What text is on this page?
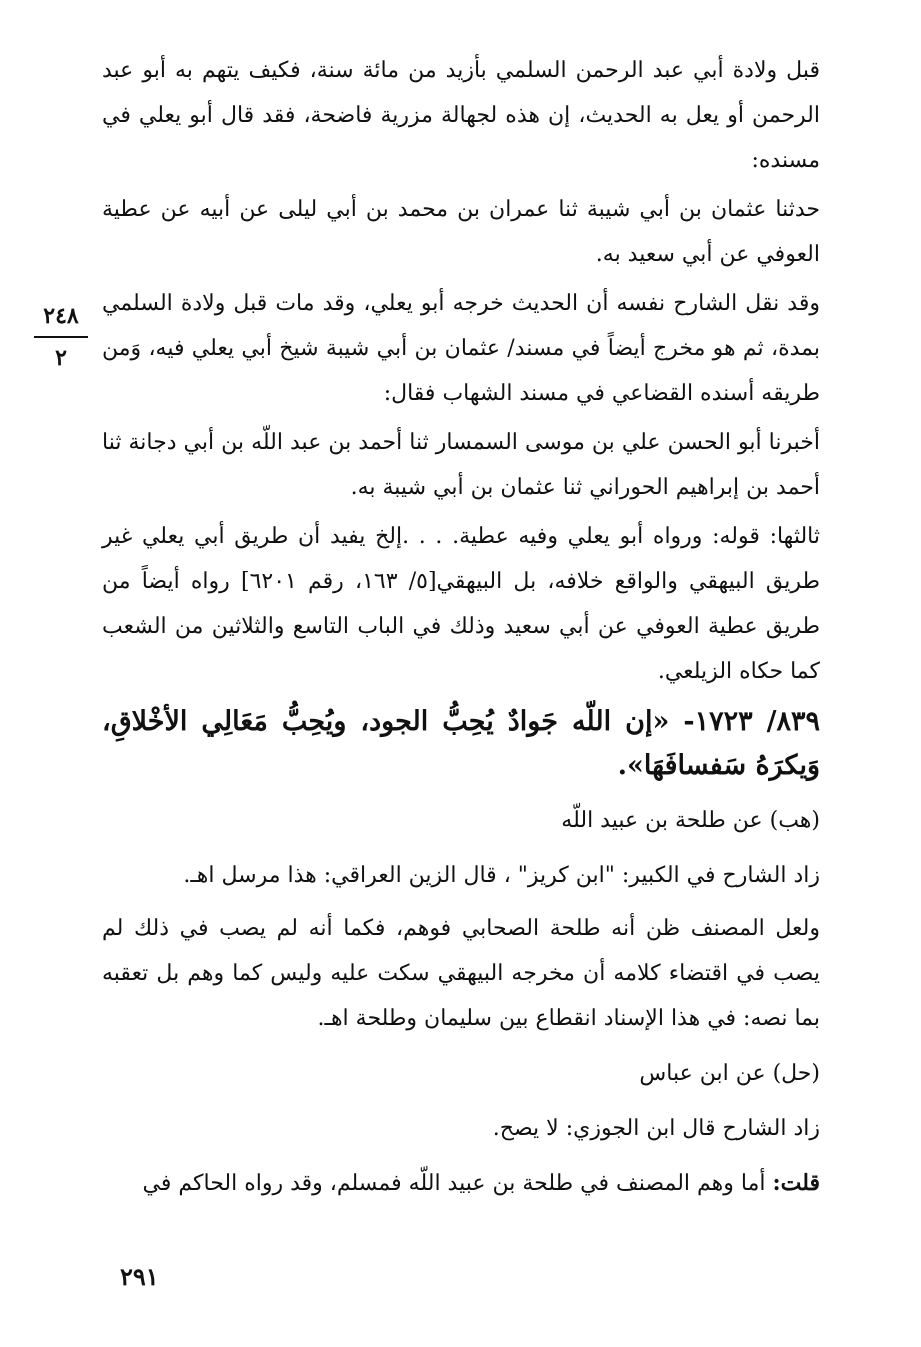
٢٤٨
٢

قبل ولادة أبي عبد الرحمن السلمي بأزيد من مائة سنة، فكيف يتهم به أبو عبد الرحمن أو يعل به الحديث، إن هذه لجهالة مزرية فاضحة، فقد قال أبو يعلي في مسنده:

حدثنا عثمان بن أبي شيبة ثنا عمران بن محمد بن أبي ليلى عن أبيه عن عطية العوفي عن أبي سعيد به.

وقد نقل الشارح نفسه أن الحديث خرجه أبو يعلي، وقد مات قبل ولادة السلمي بمدة، ثم هو مخرج أيضاً في مسند/ عثمان بن أبي شيبة شيخ أبي يعلي فيه، وَمن طريقه أسنده القضاعي في مسند الشهاب فقال:

أخبرنا أبو الحسن علي بن موسى السمسار ثنا أحمد بن عبد اللّه بن أبي دجانة ثنا أحمد بن إبراهيم الحوراني ثنا عثمان بن أبي شيبة به.

ثالثها: قوله: ورواه أبو يعلي وفيه عطية. . . .إلخ يفيد أن طريق أبي يعلي غير طريق البيهقي والواقع خلافه، بل البيهقي[٥/ ١٦٣، رقم ٦٢٠١] رواه أيضاً من طريق عطية العوفي عن أبي سعيد وذلك في الباب التاسع والثلاثين من الشعب كما حكاه الزيلعي.

٨٣٩/ ١٧٢٣- «إن اللّه جَوادٌ يُحِبُّ الجود، ويُحِبُّ مَعَالِي الأخْلاقِ، وَيكرَهُ سَفسافَهَا».

(هب) عن طلحة بن عبيد اللّه

زاد الشارح في الكبير: "ابن كريز" ، قال الزين العراقي: هذا مرسل اهـ.

ولعل المصنف ظن أنه طلحة الصحابي فوهم، فكما أنه لم يصب في ذلك لم يصب في اقتضاء كلامه أن مخرجه البيهقي سكت عليه وليس كما وهم بل تعقبه بما نصه: في هذا الإسناد انقطاع بين سليمان وطلحة اهـ.

(حل) عن ابن عباس

زاد الشارح قال ابن الجوزي: لا يصح.

قلت: أما وهم المصنف في طلحة بن عبيد اللّه فمسلم، وقد رواه الحاكم في

٢٩١
